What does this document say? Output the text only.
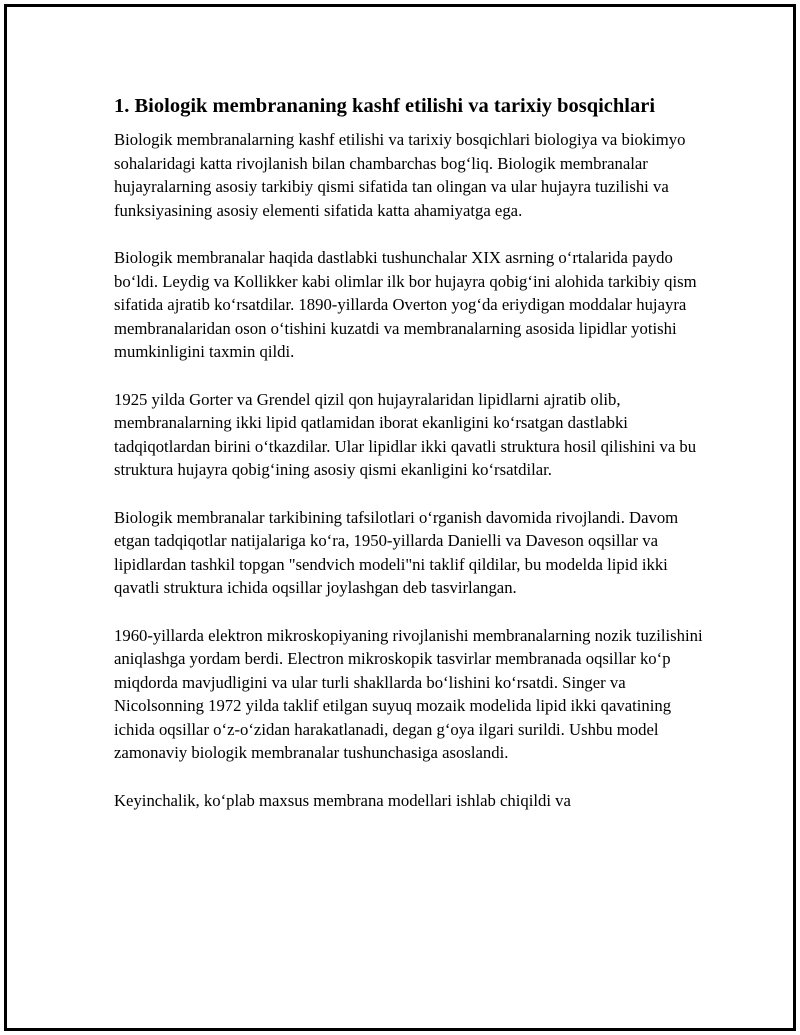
1. Biologik membrananing kashf etilishi va tarixiy bosqichlari

Biologik membranalarning kashf etilishi va tarixiy bosqichlari biologiya va biokimyo sohalaridagi katta rivojlanish bilan chambarchas bog‘liq. Biologik membranalar hujayralarning asosiy tarkibiy qismi sifatida tan olingan va ular hujayra tuzilishi va funksiyasining asosiy elementi sifatida katta ahamiyatga ega.

Biologik membranalar haqida dastlabki tushunchalar XIX asrning o‘rtalarida paydo bo‘ldi. Leydig va Kollikker kabi olimlar ilk bor hujayra qobig‘ini alohida tarkibiy qism sifatida ajratib ko‘rsatdilar. 1890-yillarda Overton yog‘da eriydigan moddalar hujayra membranalaridan oson o‘tishini kuzatdi va membranalarning asosida lipidlar yotishi mumkinligini taxmin qildi.

1925 yilda Gorter va Grendel qizil qon hujayralaridan lipidlarni ajratib olib, membranalarning ikki lipid qatlamidan iborat ekanligini ko‘rsatgan dastlabki tadqiqotlardan birini o‘tkazdilar. Ular lipidlar ikki qavatli struktura hosil qilishini va bu struktura hujayra qobig‘ining asosiy qismi ekanligini ko‘rsatdilar.

Biologik membranalar tarkibining tafsilotlari o‘rganish davomida rivojlandi. Davom etgan tadqiqotlar natijalariga ko‘ra, 1950-yillarda Danielli va Daveson oqsillar va lipidlardan tashkil topgan "sendvich modeli"ni taklif qildilar, bu modelda lipid ikki qavatli struktura ichida oqsillar joylashgan deb tasvirlangan.

1960-yillarda elektron mikroskopiyaning rivojlanishi membranalarning nozik tuzilishini aniqlashga yordam berdi. Electron mikroskopik tasvirlar membranada oqsillar ko‘p miqdorda mavjudligini va ular turli shakllarda bo‘lishini ko‘rsatdi. Singer va Nicolsonning 1972 yilda taklif etilgan suyuq mozaik modelida lipid ikki qavatining ichida oqsillar o‘z-o‘zidan harakatlanadi, degan g‘oya ilgari surildi. Ushbu model zamonaviy biologik membranalar tushunchasiga asoslandi.

Keyinchalik, ko‘plab maxsus membrana modellari ishlab chiqildi va
